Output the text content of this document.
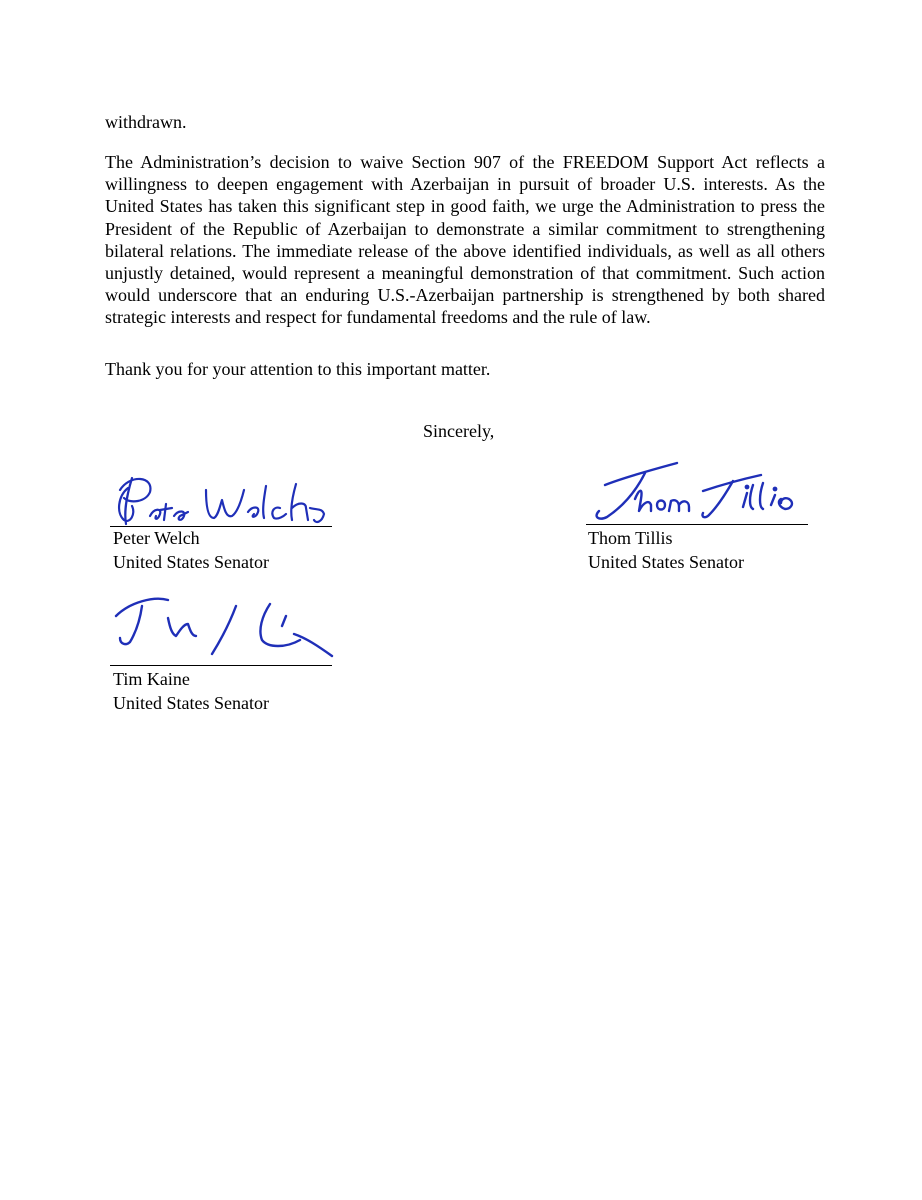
withdrawn.

The Administration’s decision to waive Section 907 of the FREEDOM Support Act reflects a willingness to deepen engagement with Azerbaijan in pursuit of broader U.S. interests. As the United States has taken this significant step in good faith, we urge the Administration to press the President of the Republic of Azerbaijan to demonstrate a similar commitment to strengthening bilateral relations. The immediate release of the above identified individuals, as well as all others unjustly detained, would represent a meaningful demonstration of that commitment. Such action would underscore that an enduring U.S.-Azerbaijan partnership is strengthened by both shared strategic interests and respect for fundamental freedoms and the rule of law.

Thank you for your attention to this important matter.
Sincerely,
Peter Welch
United States Senator
Thom Tillis
United States Senator
Tim Kaine
United States Senator
